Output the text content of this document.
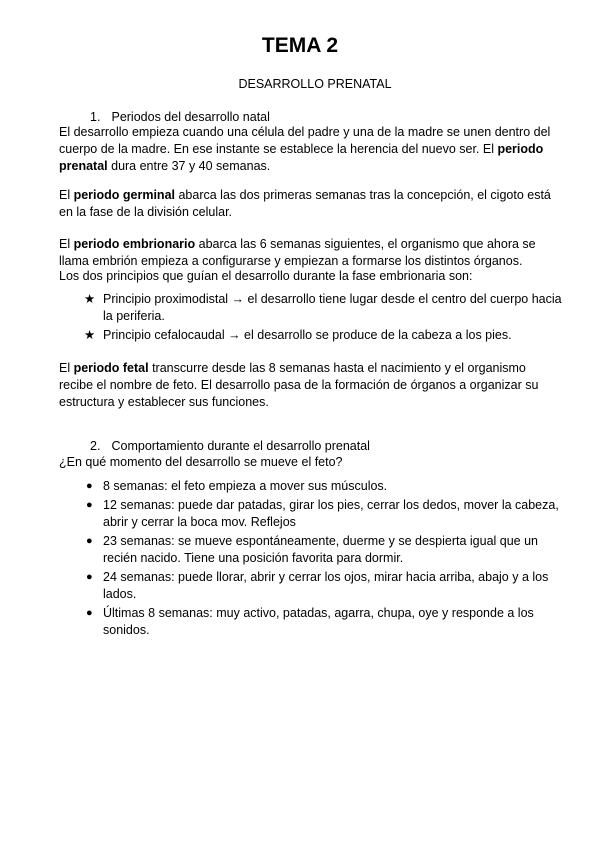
TEMA 2

DESARROLLO PRENATAL

1. Periodos del desarrollo natal

El desarrollo empieza cuando una célula del padre y una de la madre se unen dentro del cuerpo de la madre. En ese instante se establece la herencia del nuevo ser. El periodo prenatal dura entre 37 y 40 semanas.

El periodo germinal abarca las dos primeras semanas tras la concepción, el cigoto está en la fase de la división celular.

El periodo embrionario abarca las 6 semanas siguientes, el organismo que ahora se llama embrión empieza a configurarse y empiezan a formarse los distintos órganos.

Los dos principios que guían el desarrollo durante la fase embrionaria son:

★ Principio proximodistal → el desarrollo tiene lugar desde el centro del cuerpo hacia la periferia.
★ Principio cefalocaudal → el desarrollo se produce de la cabeza a los pies.

El periodo fetal transcurre desde las 8 semanas hasta el nacimiento y el organismo recibe el nombre de feto. El desarrollo pasa de la formación de órganos a organizar su estructura y establecer sus funciones.

2. Comportamiento durante el desarrollo prenatal

¿En qué momento del desarrollo se mueve el feto?

● 8 semanas: el feto empieza a mover sus músculos.
● 12 semanas: puede dar patadas, girar los pies, cerrar los dedos, mover la cabeza, abrir y cerrar la boca mov. Reflejos
● 23 semanas: se mueve espontáneamente, duerme y se despierta igual que un recién nacido. Tiene una posición favorita para dormir.
● 24 semanas: puede llorar, abrir y cerrar los ojos, mirar hacia arriba, abajo y a los lados.
● Últimas 8 semanas: muy activo, patadas, agarra, chupa, oye y responde a los sonidos.
